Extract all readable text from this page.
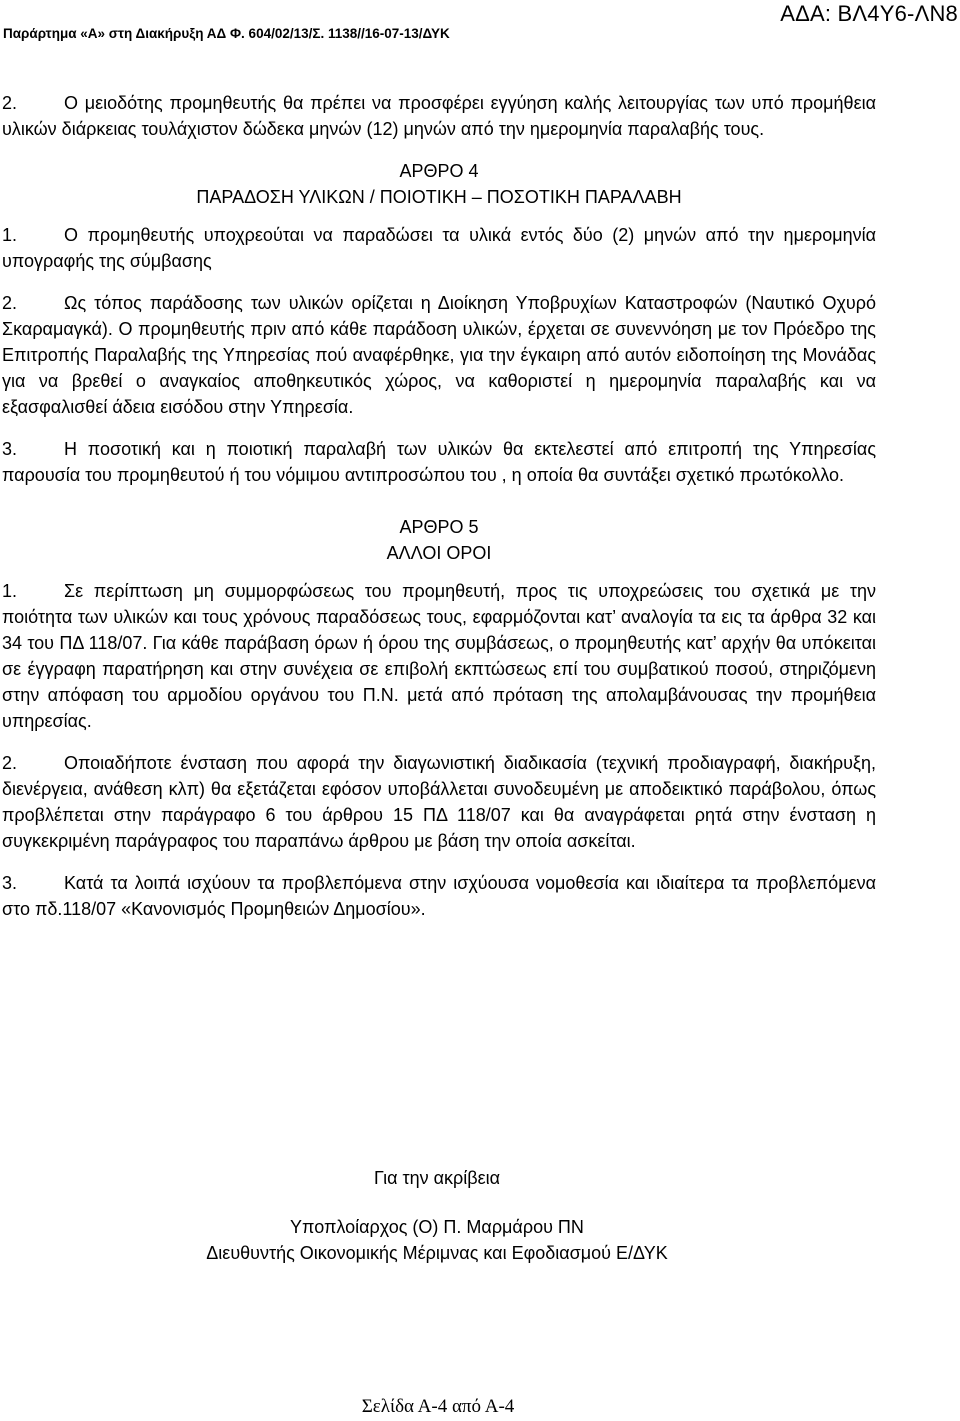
Παράρτημα «Α» στη Διακήρυξη ΑΔ Φ. 604/02/13/Σ. 1138//16-07-13/ΔΥΚ
ΑΔΑ: ΒΛ4Υ6-ΛΝ8

2.	Ο μειοδότης προμηθευτής θα πρέπει να προσφέρει εγγύηση καλής λειτουργίας των υπό προμήθεια υλικών διάρκειας τουλάχιστον δώδεκα μηνών (12) μηνών από την ημερομηνία παραλαβής τους.

ΑΡΘΡΟ 4

ΠΑΡΑΔΟΣΗ ΥΛΙΚΩΝ / ΠΟΙΟΤΙΚΗ – ΠΟΣΟΤΙΚΗ ΠΑΡΑΛΑΒΗ

1.	Ο προμηθευτής υποχρεούται να παραδώσει τα υλικά εντός δύο (2) μηνών από την ημερομηνία υπογραφής της σύμβασης

2.	Ως τόπος παράδοσης των υλικών ορίζεται η Διοίκηση Υποβρυχίων Καταστροφών (Ναυτικό Οχυρό Σκαραμαγκά). Ο προμηθευτής πριν από κάθε παράδοση υλικών, έρχεται σε συνεννόηση με τον Πρόεδρο της Επιτροπής Παραλαβής της Υπηρεσίας πού αναφέρθηκε, για την έγκαιρη από αυτόν ειδοποίηση της Μονάδας για να βρεθεί ο αναγκαίος αποθηκευτικός χώρος, να καθοριστεί η ημερομηνία παραλαβής και να εξασφαλισθεί άδεια εισόδου στην Υπηρεσία.

3.	Η ποσοτική και η ποιοτική παραλαβή των υλικών θα εκτελεστεί από επιτροπή της Υπηρεσίας παρουσία του προμηθευτού ή του νόμιμου αντιπροσώπου του , η οποία θα συντάξει σχετικό πρωτόκολλο.

ΑΡΘΡΟ 5

ΑΛΛΟΙ ΟΡΟΙ

1.	Σε περίπτωση μη συμμορφώσεως του προμηθευτή, προς τις υποχρεώσεις του σχετικά με την ποιότητα των υλικών και τους χρόνους παραδόσεως τους, εφαρμόζονται κατ’ αναλογία τα εις τα άρθρα 32 και 34 του ΠΔ 118/07. Για κάθε παράβαση όρων ή όρου της συμβάσεως, ο προμηθευτής κατ’ αρχήν θα υπόκειται σε έγγραφη παρατήρηση και στην συνέχεια σε επιβολή εκπτώσεως επί του συμβατικού ποσού, στηριζόμενη στην απόφαση του αρμοδίου οργάνου του Π.Ν. μετά από πρόταση της απολαμβάνουσας την προμήθεια υπηρεσίας.

2.	Οποιαδήποτε ένσταση που αφορά την διαγωνιστική διαδικασία (τεχνική προδιαγραφή, διακήρυξη, διενέργεια, ανάθεση κλπ) θα εξετάζεται εφόσον υποβάλλεται συνοδευμένη με αποδεικτικό παράβολου, όπως προβλέπεται στην παράγραφο 6 του άρθρου 15 ΠΔ 118/07 και θα αναγράφεται ρητά στην ένσταση η συγκεκριμένη παράγραφος του παραπάνω άρθρου με βάση την οποία ασκείται.

3.	Κατά τα λοιπά ισχύουν τα προβλεπόμενα στην ισχύουσα νομοθεσία και ιδιαίτερα τα προβλεπόμενα στο πδ.118/07 «Κανονισμός Προμηθειών Δημοσίου».

Για την ακρίβεια
Υποπλοίαρχος (Ο) Π. Μαρμάρου ΠΝ
Διευθυντής Οικονομικής Μέριμνας και Εφοδιασμού Ε/ΔΥΚ
Σελίδα Α-4 από Α-4
